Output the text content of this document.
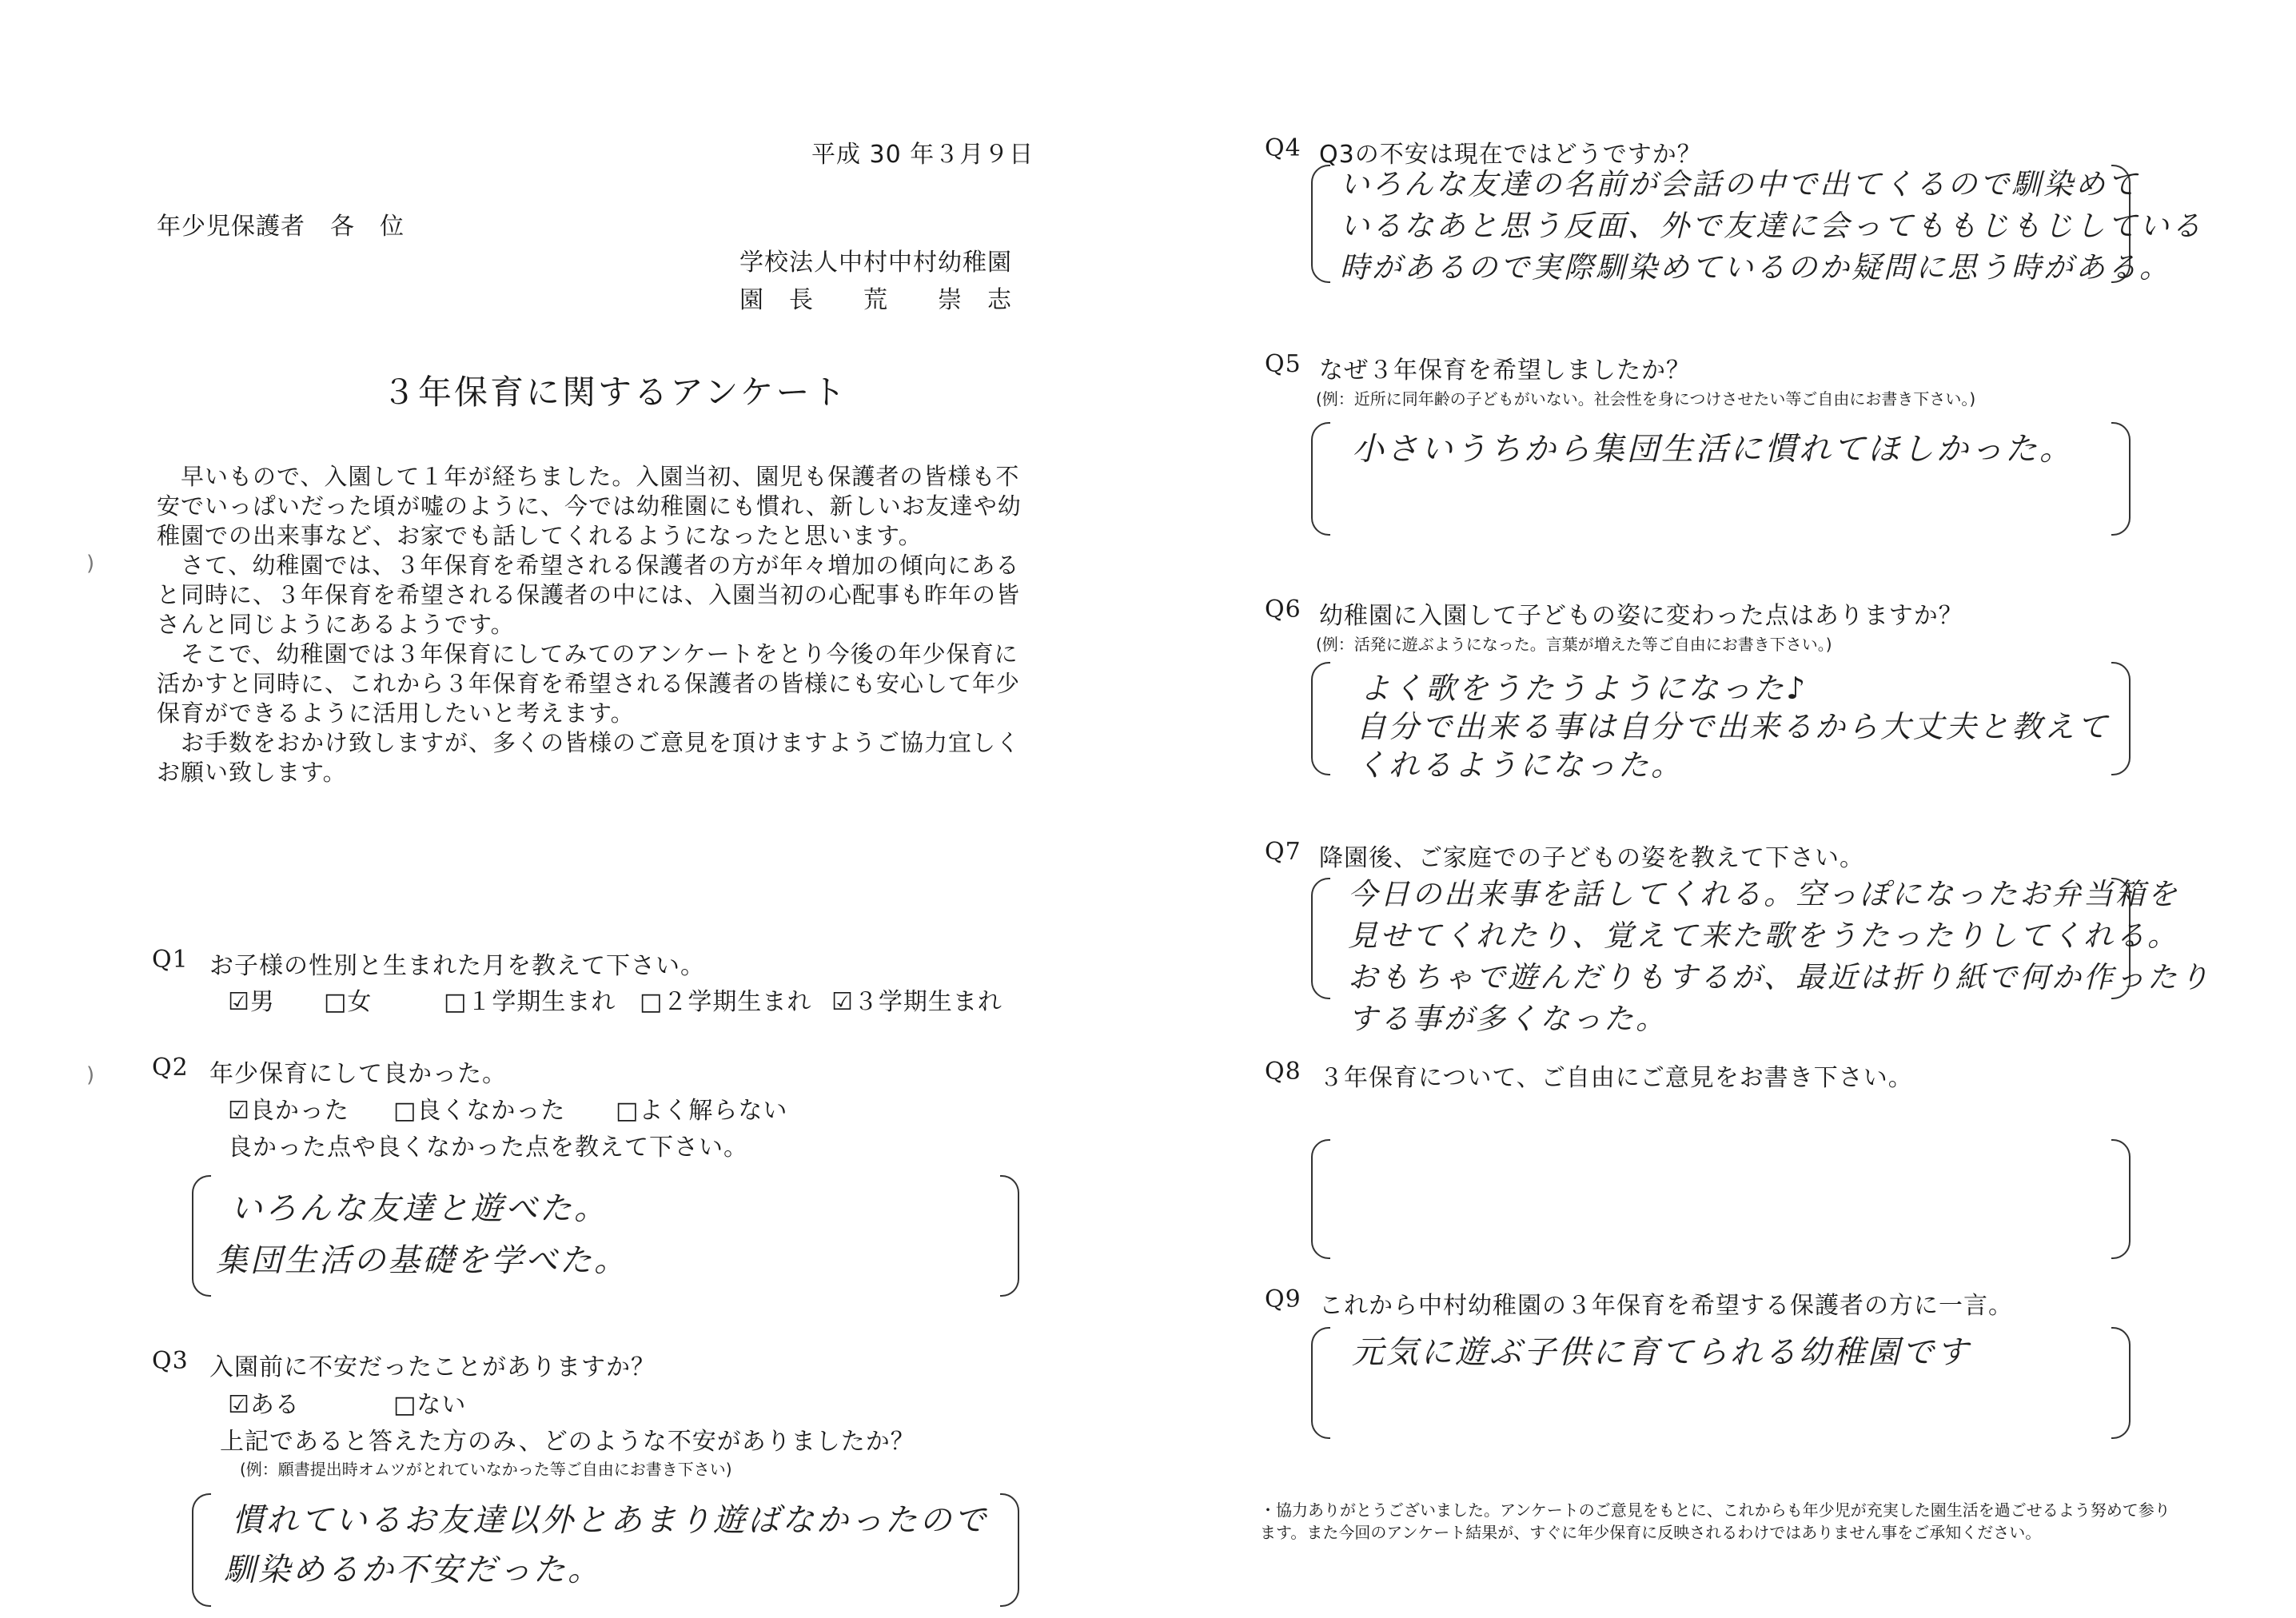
平成 30 年３月９日
年少児保護者　各　位
学校法人中村中村幼稚園
園　長　　荒　　崇　志
３年保育に関するアンケート

早いもので、入園して１年が経ちました。入園当初、園児も保護者の皆様も不安でいっぱいだった頃が嘘のように、今では幼稚園にも慣れ、新しいお友達や幼稚園での出来事など、お家でも話してくれるようになったと思います。

さて、幼稚園では、３年保育を希望される保護者の方が年々増加の傾向にあると同時に、３年保育を希望される保護者の中には、入園当初の心配事も昨年の皆さんと同じようにあるようです。

そこで、幼稚園では３年保育にしてみてのアンケートをとり今後の年少保育に活かすと同時に、これから３年保育を希望される保護者の皆様にも安心して年少保育ができるように活用したいと考えます。

お手数をおかけ致しますが、多くの皆様のご意見を頂けますようご協力宜しくお願い致します。

Q1 お子様の性別と生まれた月を教えて下さい。
☑男 □女	□１学期生まれ □２学期生まれ ☑３学期生まれ
Q2 年少保育にして良かった。
☑良かった □良くなかった □よく解らない
良かった点や良くなかった点を教えて下さい。
いろんな友達と遊べた。
集団生活の基礎を学べた。
Q3 入園前に不安だったことがありますか？
☑ある	□ない
上記であると答えた方のみ、どのような不安がありましたか？
(例：願書提出時オムツがとれていなかった等ご自由にお書き下さい)
慣れているお友達以外とあまり遊ばなかったので
馴染めるか不安だった。
)
)
Q4 Q3の不安は現在ではどうですか？
いろんな友達の名前が会話の中で出てくるので馴染めて
いるなあと思う反面、外で友達に会ってももじもじしている
時があるので実際馴染めているのか疑問に思う時がある。
Q5 なぜ３年保育を希望しましたか？
(例：近所に同年齢の子どもがいない。社会性を身につけさせたい等ご自由にお書き下さい。)
小さいうちから集団生活に慣れてほしかった。
Q6 幼稚園に入園して子どもの姿に変わった点はありますか？
(例：活発に遊ぶようになった。言葉が増えた等ご自由にお書き下さい。)
よく歌をうたうようになった♪
自分で出来る事は自分で出来るから大丈夫と教えて
くれるようになった。
Q7 降園後、ご家庭での子どもの姿を教えて下さい。
今日の出来事を話してくれる。空っぽになったお弁当箱を
見せてくれたり、覚えて来た歌をうたったりしてくれる。
おもちゃで遊んだりもするが、最近は折り紙で何か作ったり
する事が多くなった。
Q8 ３年保育について、ご自由にご意見をお書き下さい。
Q9 これから中村幼稚園の３年保育を希望する保護者の方に一言。
元気に遊ぶ子供に育てられる幼稚園です
・協力ありがとうございました。アンケートのご意見をもとに、これからも年少児が充実した園生活を過ごせるよう努めて参ります。また今回のアンケート結果が、すぐに年少保育に反映されるわけではありません事をご承知ください。
